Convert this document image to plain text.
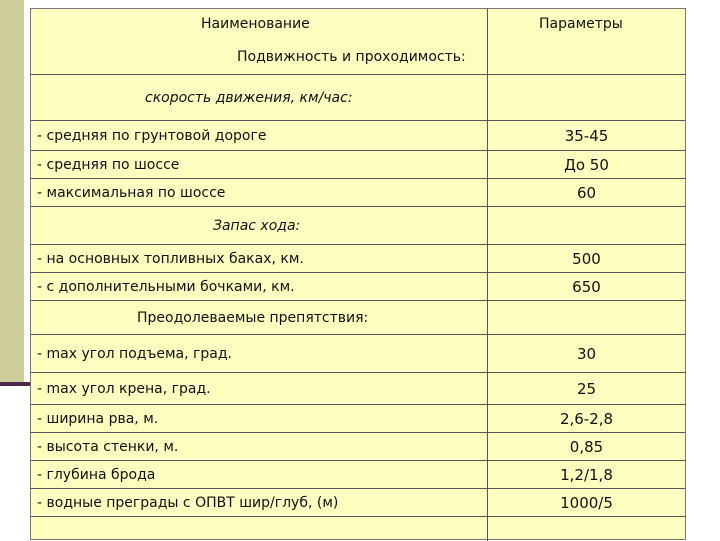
Наименование	Параметры
Подвижность и проходимость:
скорость движения, км/час:
- средняя по грунтовой дороге	35-45
- средняя по шоссе	До 50
- максимальная по шоссе	60
Запас хода:
- на основных топливных баках, км.	500
- с дополнительными бочками, км.	650
Преодолеваемые препятствия:
- max угол подъема, град.	30
- max угол крена, град.	25
- ширина рва, м.	2,6-2,8
- высота стенки, м.	0,85
- глубина брода	1,2/1,8
- водные преграды с ОПВТ шир/глуб, (м)	1000/5
